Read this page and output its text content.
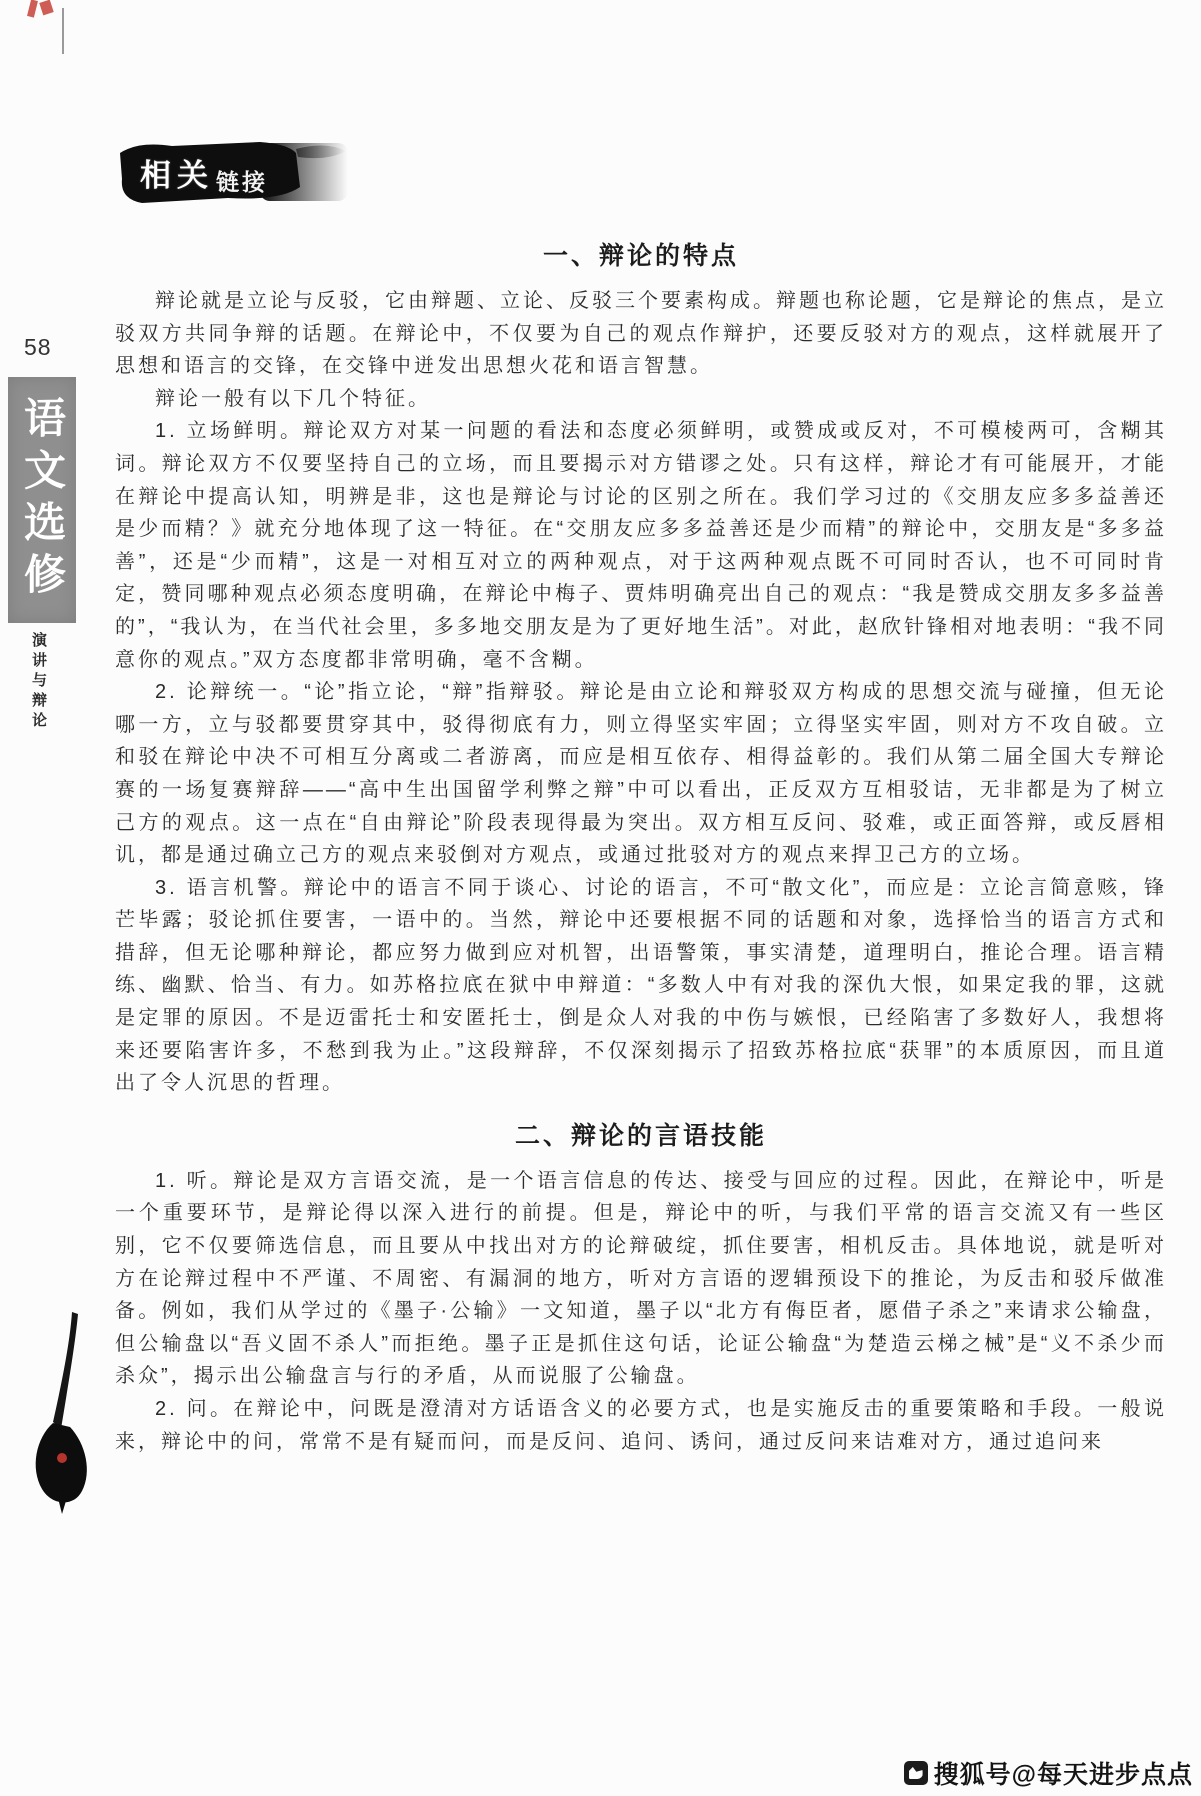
相关 链接
58
语文选修
演讲与辩论
一、辩论的特点

辩论就是立论与反驳，它由辩题、立论、反驳三个要素构成。辩题也称论题，它是辩论的焦点，是立驳双方共同争辩的话题。在辩论中，不仅要为自己的观点作辩护，还要反驳对方的观点，这样就展开了思想和语言的交锋，在交锋中迸发出思想火花和语言智慧。

辩论一般有以下几个特征。

1. 立场鲜明。辩论双方对某一问题的看法和态度必须鲜明，或赞成或反对，不可模棱两可，含糊其词。辩论双方不仅要坚持自己的立场，而且要揭示对方错谬之处。只有这样，辩论才有可能展开，才能在辩论中提高认知，明辨是非，这也是辩论与讨论的区别之所在。我们学习过的《交朋友应多多益善还是少而精？》就充分地体现了这一特征。在“交朋友应多多益善还是少而精”的辩论中，交朋友是“多多益善”，还是“少而精”，这是一对相互对立的两种观点，对于这两种观点既不可同时否认，也不可同时肯定，赞同哪种观点必须态度明确，在辩论中梅子、贾炜明确亮出自己的观点：“我是赞成交朋友多多益善的”，“我认为，在当代社会里，多多地交朋友是为了更好地生活”。对此，赵欣针锋相对地表明：“我不同意你的观点。”双方态度都非常明确，毫不含糊。

2. 论辩统一。“论”指立论，“辩”指辩驳。辩论是由立论和辩驳双方构成的思想交流与碰撞，但无论哪一方，立与驳都要贯穿其中，驳得彻底有力，则立得坚实牢固；立得坚实牢固，则对方不攻自破。立和驳在辩论中决不可相互分离或二者游离，而应是相互依存、相得益彰的。我们从第二届全国大专辩论赛的一场复赛辩辞——“高中生出国留学利弊之辩”中可以看出，正反双方互相驳诘，无非都是为了树立己方的观点。这一点在“自由辩论”阶段表现得最为突出。双方相互反问、驳难，或正面答辩，或反唇相讥，都是通过确立己方的观点来驳倒对方观点，或通过批驳对方的观点来捍卫己方的立场。

3. 语言机警。辩论中的语言不同于谈心、讨论的语言，不可“散文化”，而应是：立论言简意赅，锋芒毕露；驳论抓住要害，一语中的。当然，辩论中还要根据不同的话题和对象，选择恰当的语言方式和措辞，但无论哪种辩论，都应努力做到应对机智，出语警策，事实清楚，道理明白，推论合理。语言精练、幽默、恰当、有力。如苏格拉底在狱中申辩道：“多数人中有对我的深仇大恨，如果定我的罪，这就是定罪的原因。不是迈雷托士和安匿托士，倒是众人对我的中伤与嫉恨，已经陷害了多数好人，我想将来还要陷害许多，不愁到我为止。”这段辩辞，不仅深刻揭示了招致苏格拉底“获罪”的本质原因，而且道出了令人沉思的哲理。

二、辩论的言语技能

1. 听。辩论是双方言语交流，是一个语言信息的传达、接受与回应的过程。因此，在辩论中，听是一个重要环节，是辩论得以深入进行的前提。但是，辩论中的听，与我们平常的语言交流又有一些区别，它不仅要筛选信息，而且要从中找出对方的论辩破绽，抓住要害，相机反击。具体地说，就是听对方在论辩过程中不严谨、不周密、有漏洞的地方，听对方言语的逻辑预设下的推论，为反击和驳斥做准备。例如，我们从学过的《墨子·公输》一文知道，墨子以“北方有侮臣者，愿借子杀之”来请求公输盘，但公输盘以“吾义固不杀人”而拒绝。墨子正是抓住这句话，论证公输盘“为楚造云梯之械”是“义不杀少而杀众”，揭示出公输盘言与行的矛盾，从而说服了公输盘。

2. 问。在辩论中，问既是澄清对方话语含义的必要方式，也是实施反击的重要策略和手段。一般说来，辩论中的问，常常不是有疑而问，而是反问、追问、诱问，通过反问来诘难对方，通过追问来

搜狐号@每天进步点点
